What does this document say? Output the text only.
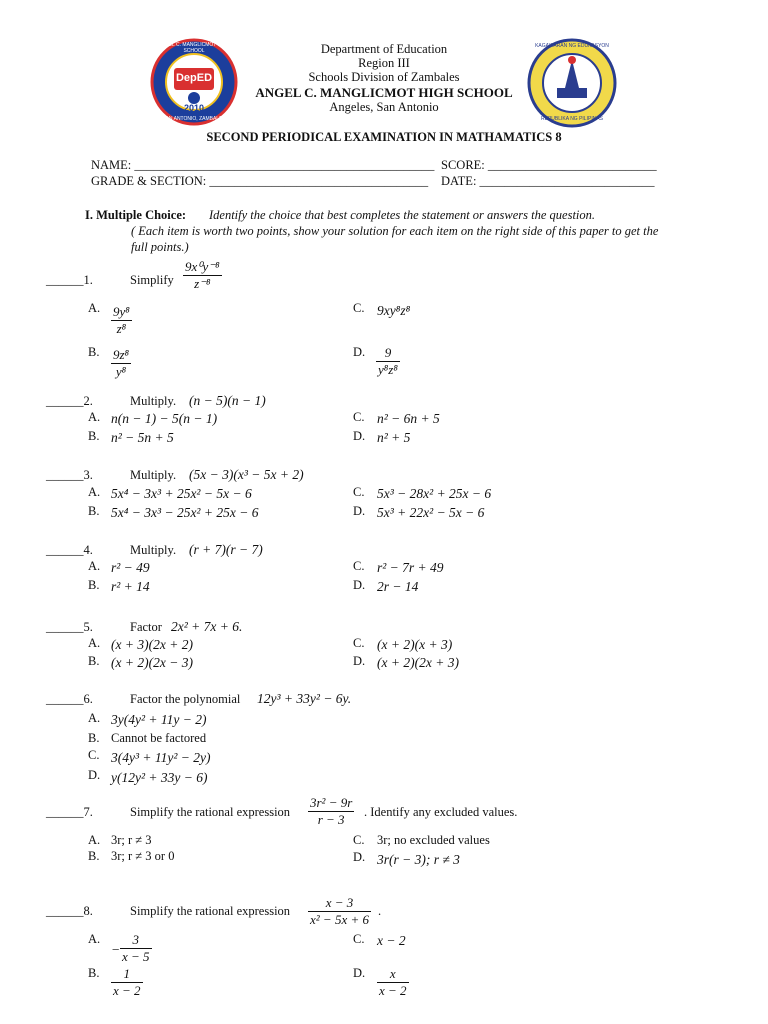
DepED
2010
ANGEL C. MANGLICMOT HIGH SCHOOL
SAN ANTONIO, ZAMBALES
KAGAWARAN NG EDUKASYON
REPUBLIKA NG PILIPINAS
Department of Education
Region III
Schools Division of Zambales
ANGEL C. MANGLICMOT HIGH SCHOOL
Angeles, San Antonio
SECOND PERIODICAL EXAMINATION IN MATHAMATICS 8
NAME: ________________________________________________ SCORE: ___________________________
GRADE & SECTION: ___________________________________ DATE: ____________________________
I. Multiple Choice: Identify the choice that best completes the statement or answers the question.
( Each item is worth two points, show your solution for each item on the right side of this paper to get the
full points.)
______1.	Simplify $\frac{\text{9x⁰y⁻⁸}}{\text{z⁻⁸}}$
A. $\frac{\text{9y⁸}}{\text{z⁸}}$
B. $\frac{\text{9z⁸}}{\text{y⁸}}$
C. 9xy⁸z⁸
D. $\frac{9}{\text{y⁸z⁸}}$
______2.	Multiply. (n − 5)(n − 1)
A. n(n − 1) − 5(n − 1)
B. n² − 5n + 5
C. n² − 6n + 5
D. n² + 5
______3.	Multiply. (5x − 3)(x³ − 5x + 2)
A. 5x⁴ − 3x³ + 25x² − 5x − 6
B. 5x⁴ − 3x³ − 25x² + 25x − 6
C. 5x³ − 28x² + 25x − 6
D. 5x³ + 22x² − 5x − 6
______4.	Multiply. (r + 7)(r − 7)
A. r² − 49
B. r² + 14
C. r² − 7r + 49
D. 2r − 14
______5.	Factor 2x² + 7x + 6.
A. (x + 3)(2x + 2)
B. (x + 2)(2x − 3)
C. (x + 2)(x + 3)
D. (x + 2)(2x + 3)
______6.	Factor the polynomial 12y³ + 33y² − 6y.
A. 3y(4y² + 11y − 2)
B. Cannot be factored
C. 3(4y³ + 11y² − 2y)
D. y(12y² + 33y − 6)
______7.	Simplify the rational expression $\frac{\text{3r² − 9r}}{r - 3}$ . Identify any excluded values.
A. 3r; r ≠ 3
B. 3r; r ≠ 3 or 0
C. 3r; no excluded values
D. 3r(r − 3); r ≠ 3
______8.	Simplify the rational expression $\frac{x - 3}{\text{x² − 5x + 6}}$ .
A.
− $\frac{3}{x - 5}$
B. $\frac{1}{x - 2}$
C. x − 2
D. $\frac{x}{x - 2}$
